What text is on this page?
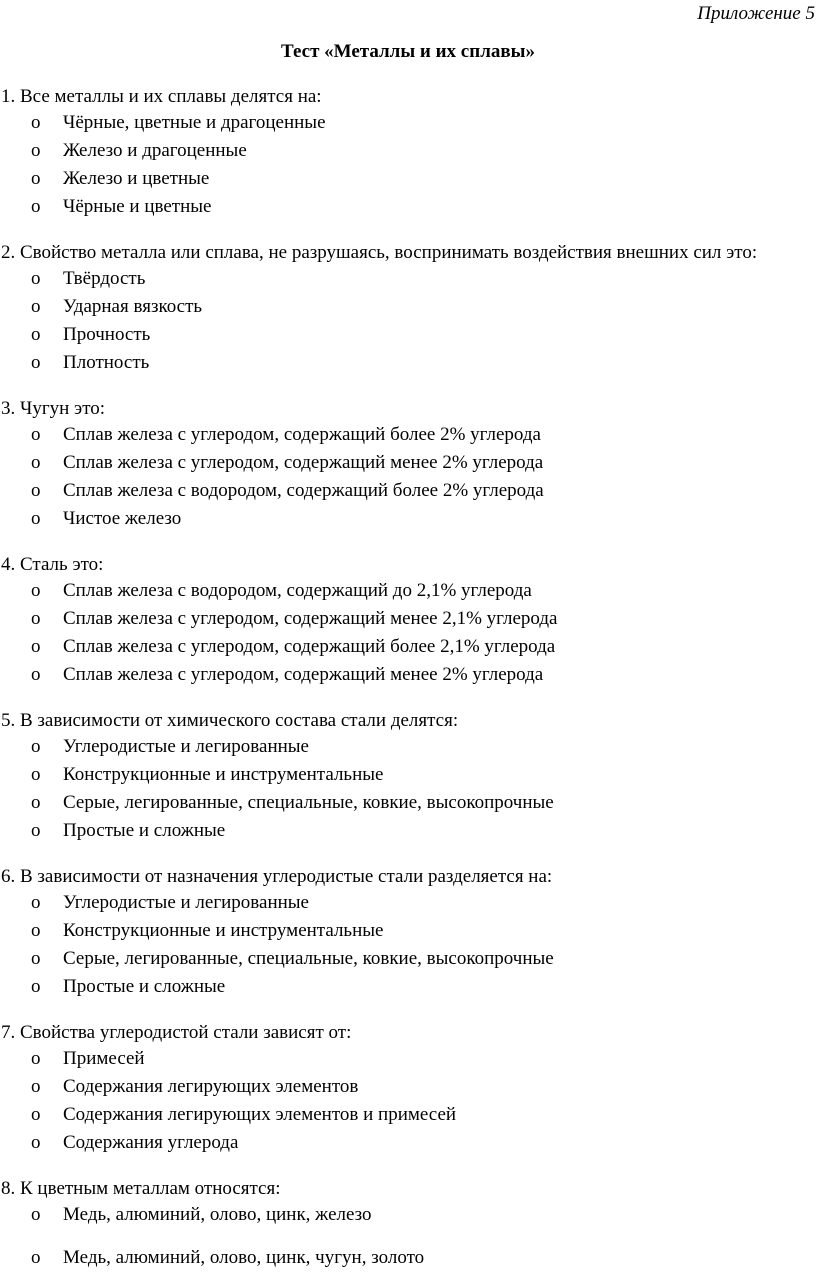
Приложение 5
Тест «Металлы и их сплавы»

1. Все металлы и их сплавы делятся на:

o Чёрные, цветные и драгоценные
o Железо и драгоценные
o Железо и цветные
o Чёрные и цветные

2. Свойство металла или сплава, не разрушаясь, воспринимать воздействия внешних сил это:

o Твёрдость
o Ударная вязкость
o Прочность
o Плотность

3. Чугун это:

o Сплав железа с углеродом, содержащий более 2% углерода
o Сплав железа с углеродом, содержащий менее 2% углерода
o Сплав железа с водородом, содержащий более 2% углерода
o Чистое железо

4. Сталь это:

o Сплав железа с водородом, содержащий до 2,1% углерода
o Сплав железа с углеродом, содержащий менее 2,1% углерода
o Сплав железа с углеродом, содержащий более 2,1% углерода
o Сплав железа с углеродом, содержащий менее 2% углерода

5. В зависимости от химического состава стали делятся:

o Углеродистые и легированные
o Конструкционные и инструментальные
o Серые, легированные, специальные, ковкие, высокопрочные
o Простые и сложные

6. В зависимости от назначения углеродистые стали разделяется на:

o Углеродистые и легированные
o Конструкционные и инструментальные
o Серые, легированные, специальные, ковкие, высокопрочные
o Простые и сложные

7. Свойства углеродистой стали зависят от:

o Примесей
o Содержания легирующих элементов
o Содержания легирующих элементов и примесей
o Содержания углерода

8. К цветным металлам относятся:

o Медь, алюминий, олово, цинк, железо
o Медь, алюминий, олово, цинк, чугун, золото
